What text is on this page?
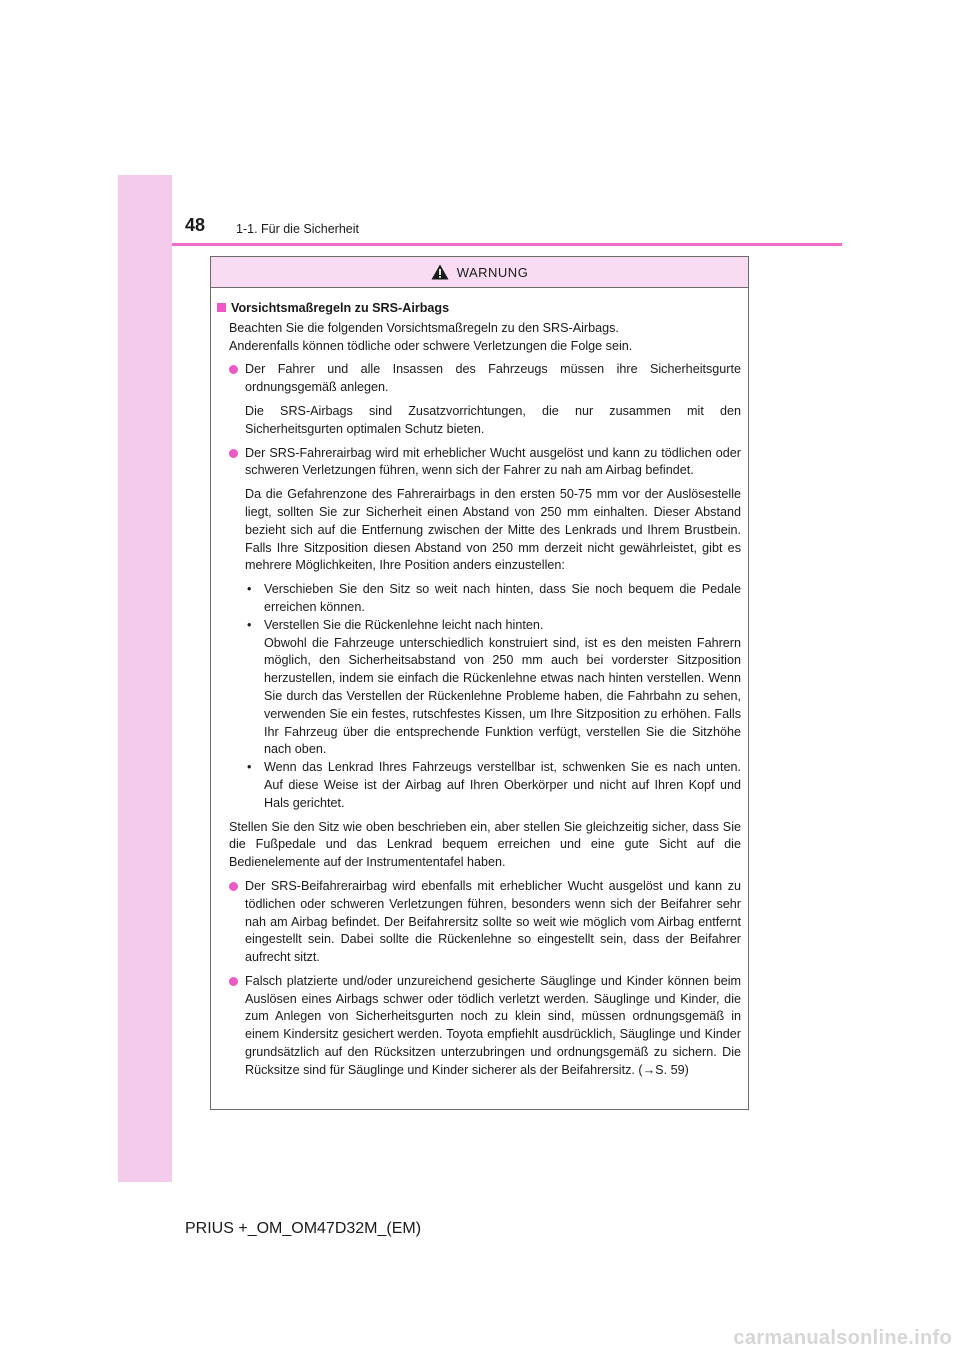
48 1-1. Für die Sicherheit
WARNUNG
Vorsichtsmaßregeln zu SRS-Airbags
Beachten Sie die folgenden Vorsichtsmaßregeln zu den SRS-Airbags.
Anderenfalls können tödliche oder schwere Verletzungen die Folge sein.

Der Fahrer und alle Insassen des Fahrzeugs müssen ihre Sicherheitsgurte ordnungsgemäß anlegen.

Die SRS-Airbags sind Zusatzvorrichtungen, die nur zusammen mit den Sicherheitsgurten optimalen Schutz bieten.

Der SRS-Fahrerairbag wird mit erheblicher Wucht ausgelöst und kann zu tödlichen oder schweren Verletzungen führen, wenn sich der Fahrer zu nah am Airbag befindet.

Da die Gefahrenzone des Fahrerairbags in den ersten 50-75 mm vor der Auslösestelle liegt, sollten Sie zur Sicherheit einen Abstand von 250 mm einhalten. Dieser Abstand bezieht sich auf die Entfernung zwischen der Mitte des Lenkrads und Ihrem Brustbein. Falls Ihre Sitzposition diesen Abstand von 250 mm derzeit nicht gewährleistet, gibt es mehrere Möglichkeiten, Ihre Position anders einzustellen:

• Verschieben Sie den Sitz so weit nach hinten, dass Sie noch bequem die Pedale erreichen können.
• Verstellen Sie die Rückenlehne leicht nach hinten.
Obwohl die Fahrzeuge unterschiedlich konstruiert sind, ist es den meisten Fahrern möglich, den Sicherheitsabstand von 250 mm auch bei vorderster Sitzposition herzustellen, indem sie einfach die Rückenlehne etwas nach hinten verstellen. Wenn Sie durch das Verstellen der Rückenlehne Probleme haben, die Fahrbahn zu sehen, verwenden Sie ein festes, rutschfestes Kissen, um Ihre Sitzposition zu erhöhen. Falls Ihr Fahrzeug über die entsprechende Funktion verfügt, verstellen Sie die Sitzhöhe nach oben.
• Wenn das Lenkrad Ihres Fahrzeugs verstellbar ist, schwenken Sie es nach unten. Auf diese Weise ist der Airbag auf Ihren Oberkörper und nicht auf Ihren Kopf und Hals gerichtet.

Stellen Sie den Sitz wie oben beschrieben ein, aber stellen Sie gleichzeitig sicher, dass Sie die Fußpedale und das Lenkrad bequem erreichen und eine gute Sicht auf die Bedienelemente auf der Instrumententafel haben.

Der SRS-Beifahrerairbag wird ebenfalls mit erheblicher Wucht ausgelöst und kann zu tödlichen oder schweren Verletzungen führen, besonders wenn sich der Beifahrer sehr nah am Airbag befindet. Der Beifahrersitz sollte so weit wie möglich vom Airbag entfernt eingestellt sein. Dabei sollte die Rückenlehne so eingestellt sein, dass der Beifahrer aufrecht sitzt.
Falsch platzierte und/oder unzureichend gesicherte Säuglinge und Kinder können beim Auslösen eines Airbags schwer oder tödlich verletzt werden. Säuglinge und Kinder, die zum Anlegen von Sicherheitsgurten noch zu klein sind, müssen ordnungsgemäß in einem Kindersitz gesichert werden. Toyota empfiehlt ausdrücklich, Säuglinge und Kinder grundsätzlich auf den Rücksitzen unterzubringen und ordnungsgemäß zu sichern. Die Rücksitze sind für Säuglinge und Kinder sicherer als der Beifahrersitz. (→S. 59)
PRIUS +_OM_OM47D32M_(EM)
carmanualsonline.info
